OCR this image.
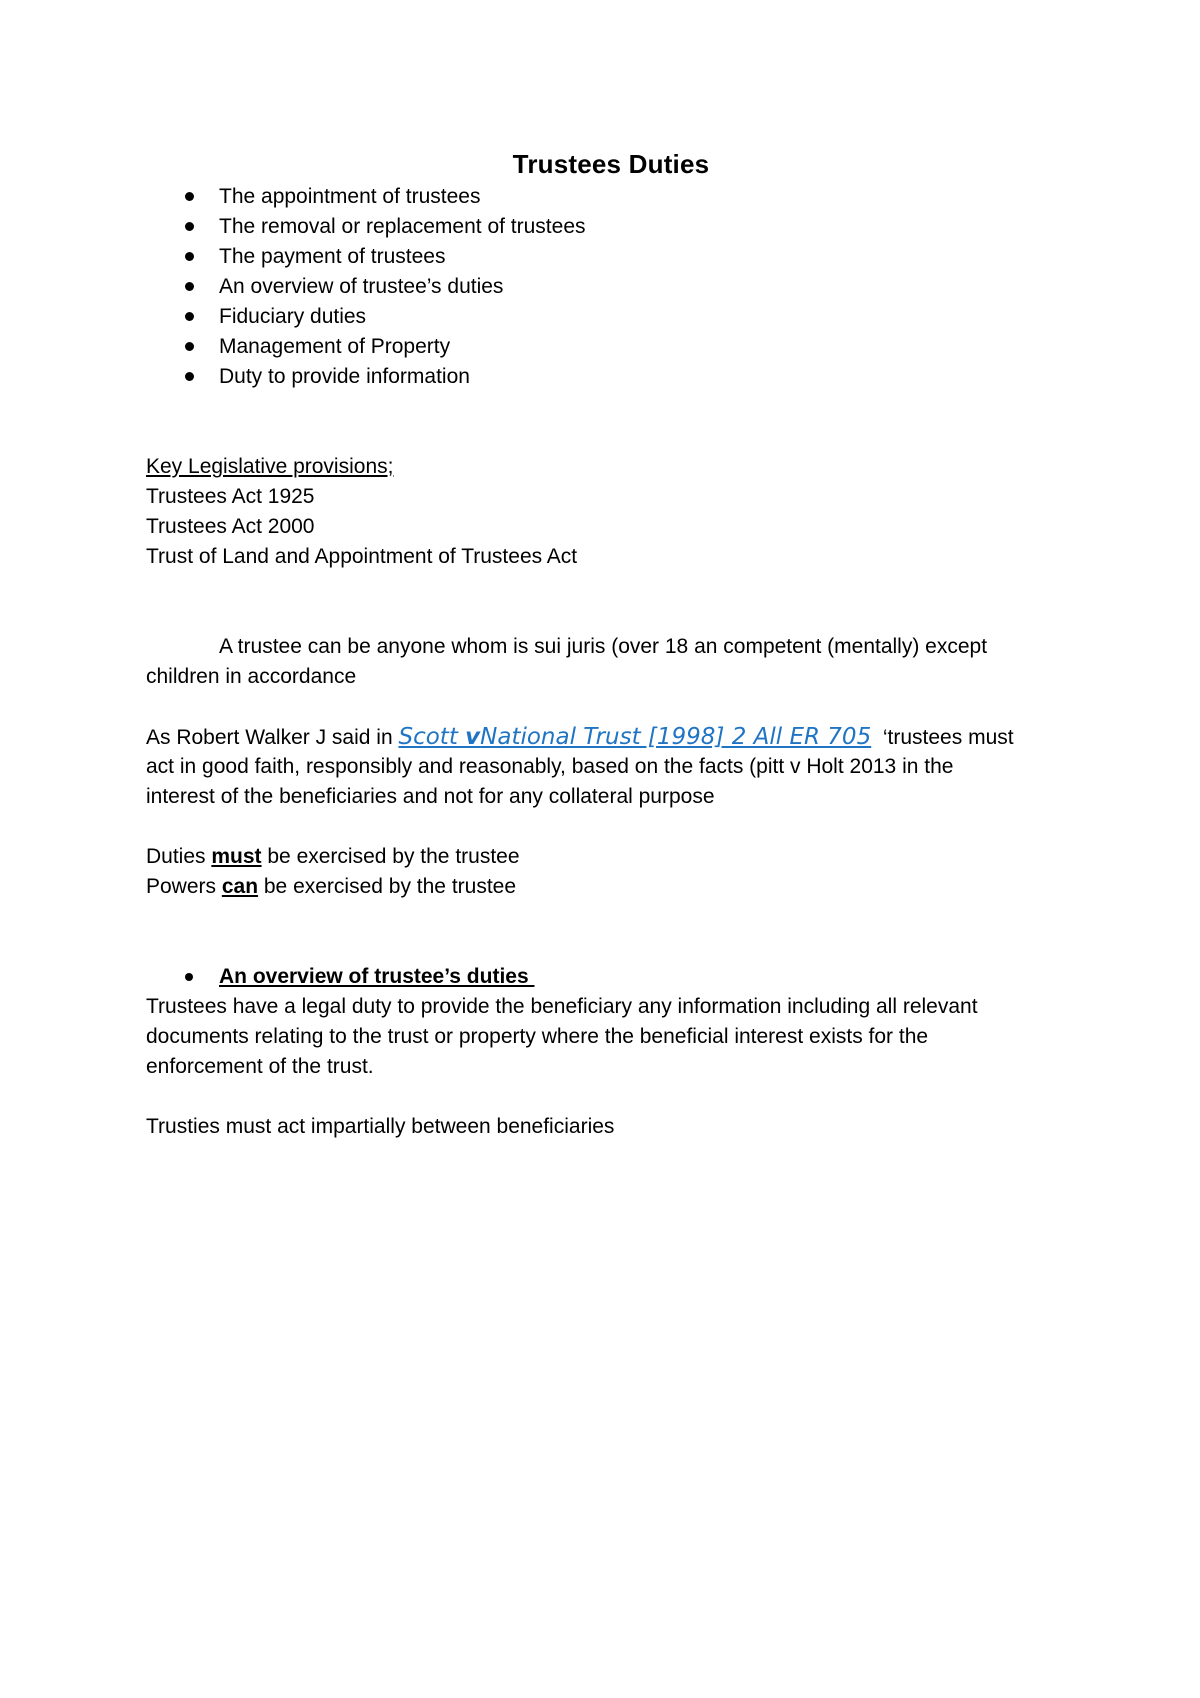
Trustees Duties
The appointment of trustees
The removal or replacement of trustees
The payment of trustees
An overview of trustee’s duties
Fiduciary duties
Management of Property
Duty to provide information
Key Legislative provisions;
Trustees Act 1925
Trustees Act 2000
Trust of Land and Appointment of Trustees Act
A trustee can be anyone whom is sui juris (over 18 an competent (mentally) except
children in accordance
As Robert Walker J said in Scott vNational Trust [1998] 2 All ER 705  ‘trustees must
act in good faith, responsibly and reasonably, based on the facts (pitt v Holt 2013 in the
interest of the beneficiaries and not for any collateral purpose
Duties must be exercised by the trustee
Powers can be exercised by the trustee
An overview of trustee’s duties
Trustees have a legal duty to provide the beneficiary any information including all relevant
documents relating to the trust or property where the beneficial interest exists for the
enforcement of the trust.
Trusties must act impartially between beneficiaries
